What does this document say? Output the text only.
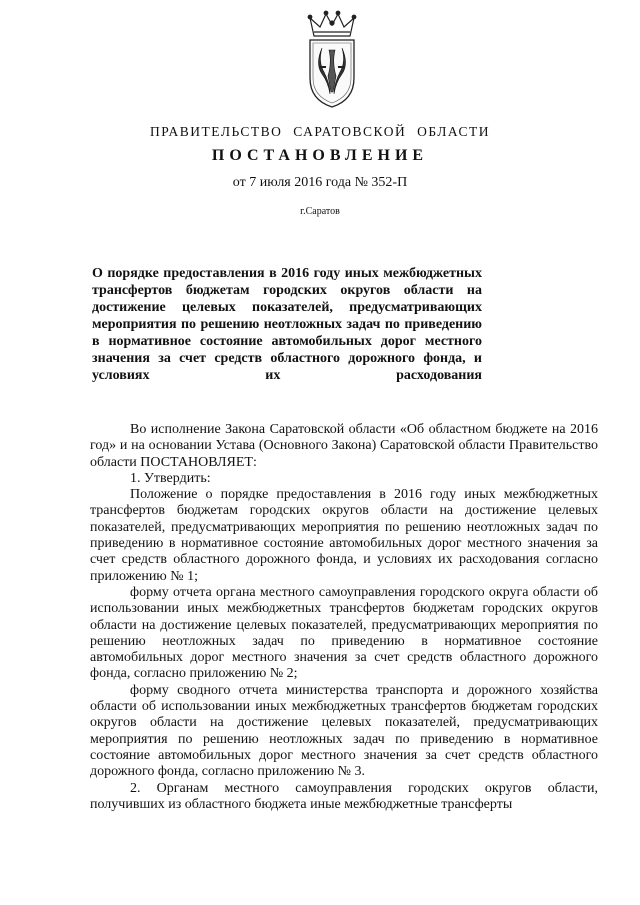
ПРАВИТЕЛЬСТВО САРАТОВСКОЙ ОБЛАСТИ
ПОСТАНОВЛЕНИЕ
от 7 июля 2016 года № 352-П
г.Саратов
О порядке предоставления в 2016 году иных межбюджетных трансфертов бюджетам городских округов области на достижение целевых показателей, предусматривающих мероприятия по решению неотложных задач по приведению в нормативное состояние автомобильных дорог местного значения за счет средств областного дорожного фонда, и условиях их расходования

Во исполнение Закона Саратовской области «Об областном бюджете на 2016 год» и на основании Устава (Основного Закона) Саратовской области Правительство области ПОСТАНОВЛЯЕТ:

1. Утвердить:

Положение о порядке предоставления в 2016 году иных межбюджетных трансфертов бюджетам городских округов области на достижение целевых показателей, предусматривающих мероприятия по решению неотложных задач по приведению в нормативное состояние автомобильных дорог местного значения за счет средств областного дорожного фонда, и условиях их расходования согласно приложению № 1;

форму отчета органа местного самоуправления городского округа области об использовании иных межбюджетных трансфертов бюджетам городских округов области на достижение целевых показателей, предусматривающих мероприятия по решению неотложных задач по приведению в нормативное состояние автомобильных дорог местного значения за счет средств областного дорожного фонда, согласно приложению № 2;

форму сводного отчета министерства транспорта и дорожного хозяйства области об использовании иных межбюджетных трансфертов бюджетам городских округов области на достижение целевых показателей, предусматривающих мероприятия по решению неотложных задач по приведению в нормативное состояние автомобильных дорог местного значения за счет средств областного дорожного фонда, согласно приложению № 3.

2. Органам местного самоуправления городских округов области, получивших из областного бюджета иные межбюджетные трансферты
